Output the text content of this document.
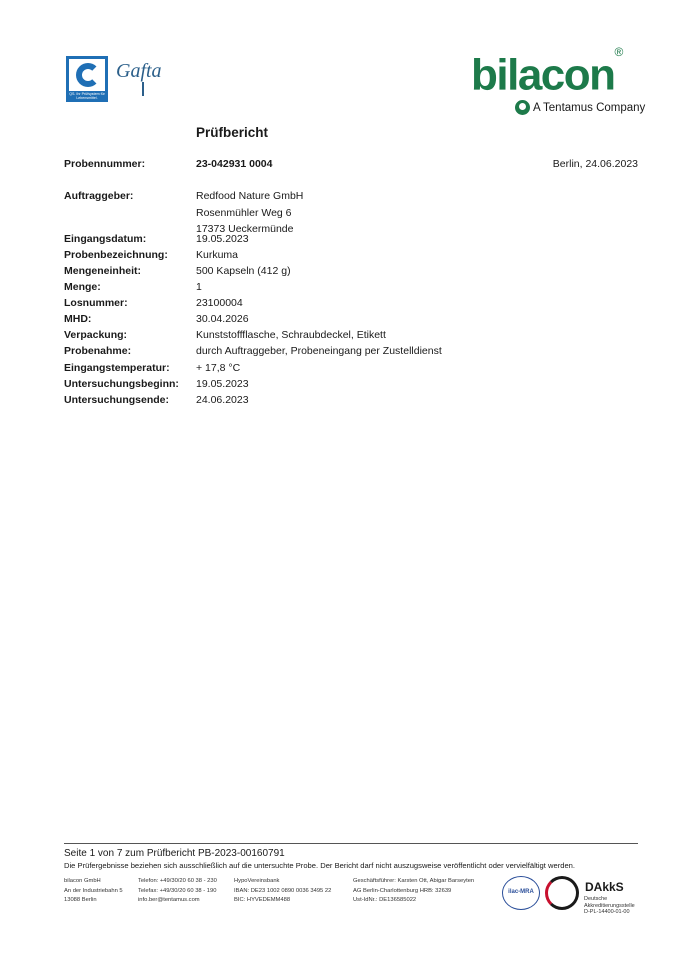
QS. Ihr Prüfsystem für Lebensmittel.
Gafta	bilacon®
A Tentamus Company
Prüfbericht
Probennummer:	23-042931 0004	Berlin, 24.06.2023
Auftraggeber:	Redfood Nature GmbH
Rosenmühler Weg 6
17373 Ueckermünde
Eingangsdatum:	19.05.2023
Probenbezeichnung:	Kurkuma
Mengeneinheit:	500 Kapseln (412 g)
Menge:	1
Losnummer:	23100004
MHD:	30.04.2026
Verpackung:	Kunststoffflasche, Schraubdeckel, Etikett
Probenahme:	durch Auftraggeber, Probeneingang per Zustelldienst
Eingangstemperatur:	+ 17,8 °C
Untersuchungsbeginn: 19.05.2023
Untersuchungsende:	24.06.2023
Seite 1 von 7 zum Prüfbericht PB-2023-00160791
Die Prüfergebnisse beziehen sich ausschließlich auf die untersuchte Probe. Der Bericht darf nicht auszugsweise veröffentlicht oder vervielfältigt werden.
bilacon GmbH
An der Industriebahn 5
13088 Berlin
Telefon: +49/30/20 60 38 - 230
Telefax: +49/30/20 60 38 - 190
info.ber@tentamus.com
HypoVereinsbank
IBAN: DE23 1002 0890 0036 3495 22
BIC: HYVEDEMM488
Geschäftsführer: Karsten Ott, Abigar Barseyten
AG Berlin-Charlottenburg HRB: 32639
Ust-IdNr.: DE136585022
ilac-MRA	DAkkS
Deutsche
Akkreditierungsstelle
D-PL-14400-01-00
